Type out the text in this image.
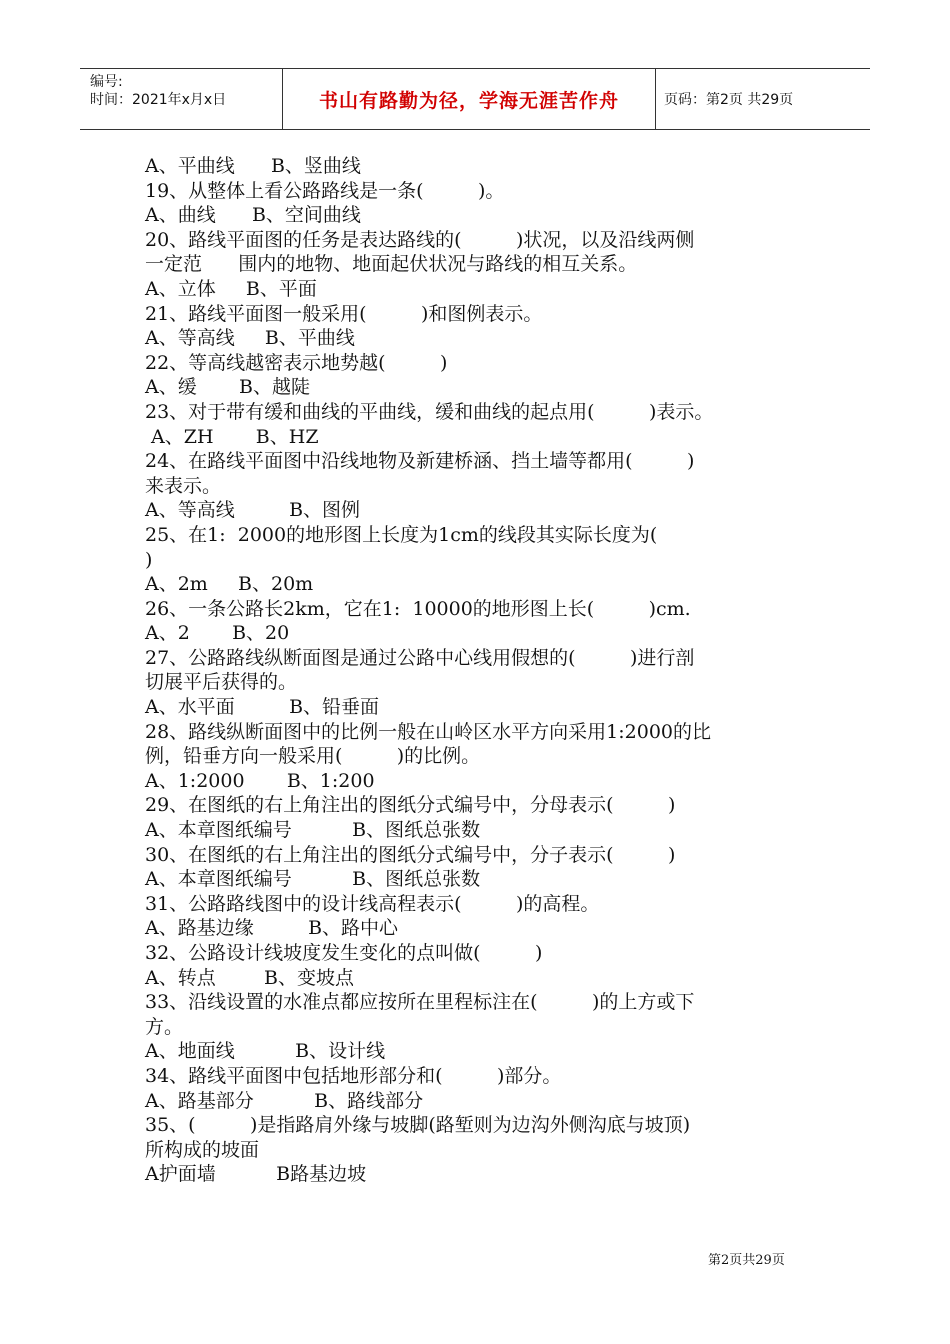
编号:
时间：2021年x月x日	书山有路勤为径，学海无涯苦作舟	页码：第2页 共29页
A、平曲线      B、竖曲线
19、从整体上看公路路线是一条(         )。
A、曲线      B、空间曲线
20、路线平面图的任务是表达路线的(         )状况，以及沿线两侧
一定范      围内的地物、地面起伏状况与路线的相互关系。
A、立体     B、平面
21、路线平面图一般采用(         )和图例表示。
A、等高线     B、平曲线
22、等高线越密表示地势越(         )
A、缓       B、越陡
23、对于带有缓和曲线的平曲线，缓和曲线的起点用(         )表示。
A、ZH       B、HZ
24、在路线平面图中沿线地物及新建桥涵、挡土墙等都用(         )
来表示。
A、等高线         B、图例
25、在1:  2000的地形图上长度为1cm的线段其实际长度为(
)
A、2m     B、20m
26、一条公路长2km，它在1:  10000的地形图上长(         )cm.
A、2       B、20
27、公路路线纵断面图是通过公路中心线用假想的(         )进行剖
切展平后获得的。
A、水平面         B、铅垂面
28、路线纵断面图中的比例一般在山岭区水平方向采用1:2000的比
例，铅垂方向一般采用(         )的比例。
A、1:2000       B、1:200
29、在图纸的右上角注出的图纸分式编号中，分母表示(         )
A、本章图纸编号          B、图纸总张数
30、在图纸的右上角注出的图纸分式编号中，分子表示(         )
A、本章图纸编号          B、图纸总张数
31、公路路线图中的设计线高程表示(         )的高程。
A、路基边缘         B、路中心
32、公路设计线坡度发生变化的点叫做(         )
A、转点        B、变坡点
33、沿线设置的水准点都应按所在里程标注在(         )的上方或下
方。
A、地面线          B、设计线
34、路线平面图中包括地形部分和(         )部分。
A、路基部分          B、路线部分
35、(         )是指路肩外缘与坡脚(路堑则为边沟外侧沟底与坡顶)
所构成的坡面
A护面墙          B路基边坡
第2页共29页
